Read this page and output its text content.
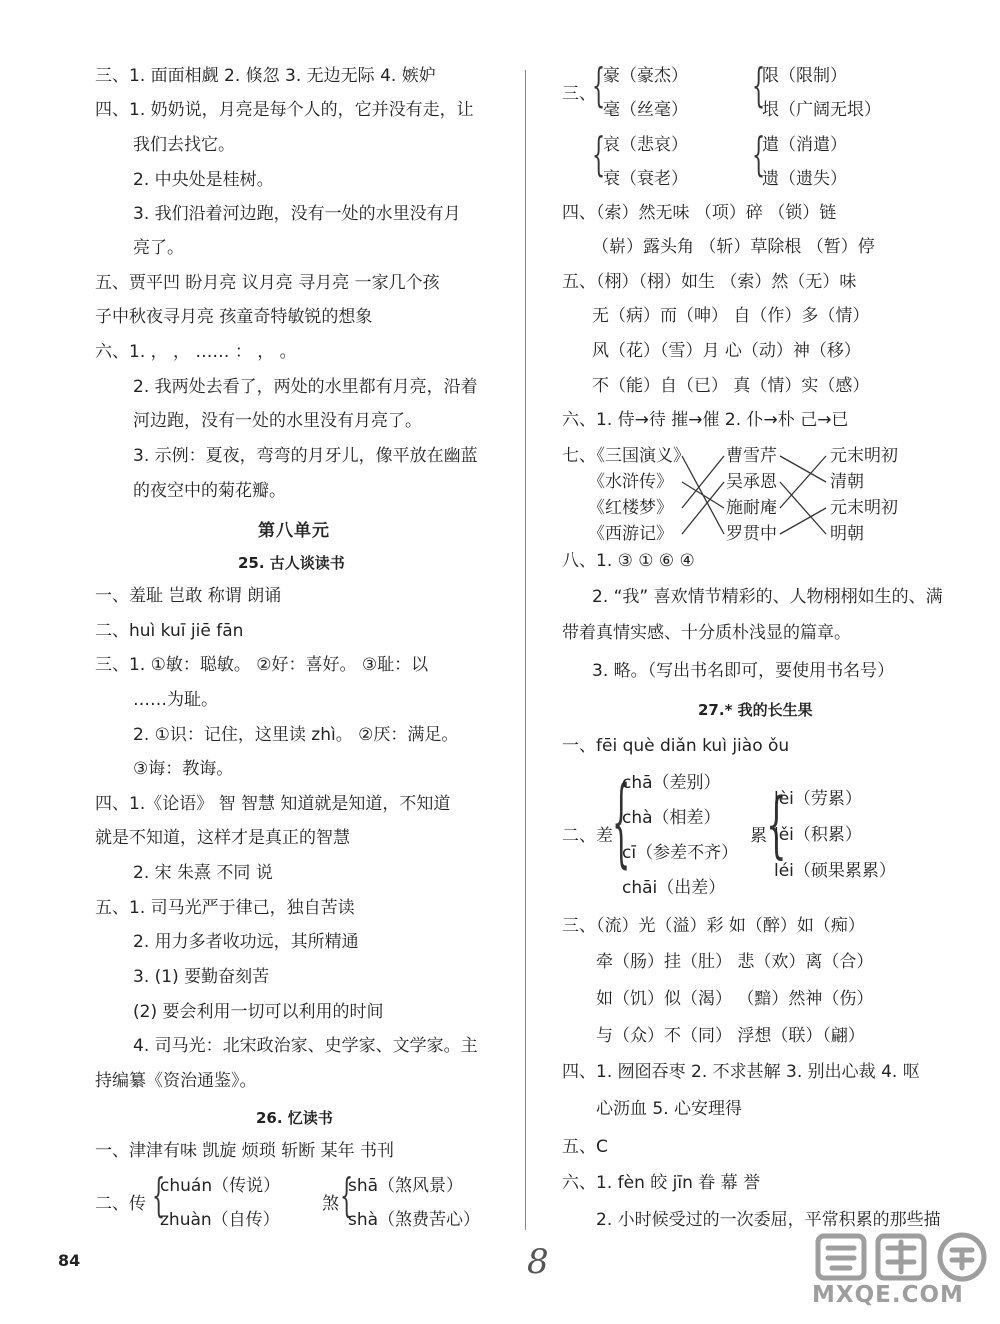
三、1. 面面相觑 2. 倏忽 3. 无边无际 4. 嫉妒
四、1. 奶奶说，月亮是每个人的，它并没有走，让
我们去找它。
2. 中央处是桂树。
3. 我们沿着河边跑，没有一处的水里没有月
亮了。
五、贾平凹 盼月亮 议月亮 寻月亮 一家几个孩
子中秋夜寻月亮 孩童奇特敏锐的想象
六、1. ， ， …… ： ， 。
2. 我两处去看了，两处的水里都有月亮，沿着
河边跑，没有一处的水里没有月亮了。
3. 示例：夏夜，弯弯的月牙儿，像平放在幽蓝
的夜空中的菊花瓣。
第八单元
25. 古人谈读书
一、羞耻 岂敢 称谓 朗诵
二、huì kuī jiē fān
三、1. ①敏：聪敏。 ②好：喜好。 ③耻：以
……为耻。
2. ①识：记住，这里读 zhì。 ②厌：满足。
③诲：教诲。
四、1.《论语》 智 智慧 知道就是知道，不知道
就是不知道，这样才是真正的智慧
2. 宋 朱熹 不同 说
五、1. 司马光严于律己，独自苦读
2. 用力多者收功远，其所精通
3. (1) 要勤奋刻苦
(2) 要会利用一切可以利用的时间
4. 司马光：北宋政治家、史学家、文学家。主
持编纂《资治通鉴》。
26. 忆读书
一、津津有味 凯旋 烦琐 斩断 某年 书刊
二、传 {
chuán（传说）
zhuàn（自传）
煞 {
shā（煞风景）
shà（煞费苦心）
三、
{
豪（豪杰）
毫（丝毫） {
限（限制）
垠（广阔无垠）
{
哀（悲哀）
衰（衰老） {
遣（消遣）
遗（遗失）
四、（索）然无味 （项）碎 （锁）链
（崭）露头角 （斩）草除根 （暂）停
五、（栩）（栩）如生 （索）然（无）味
无（病）而（呻） 自（作）多（情）
风（花）（雪）月 心（动）神（移）
不（能）自（已） 真（情）实（感）
六、1. 侍→待 摧→催 2. 仆→朴 己→已
七、
《三国演义》
《水浒传》
《红楼梦》
《西游记》
曹雪芹
吴承恩
施耐庵
罗贯中
元末明初
清朝
元末明初
明朝
八、1. ③ ① ⑥ ④
2. “我” 喜欢情节精彩的、人物栩栩如生的、满
带着真情实感、十分质朴浅显的篇章。
3. 略。（写出书名即可，要使用书名号）
27.* 我的长生果
一、fēi què diǎn kuì jiào ǒu
二、差 {
chā（差别）
chà（相差）
cī（参差不齐）
chāi（出差）
累 {
lèi（劳累）
lěi（积累）
léi（硕果累累）
三、（流）光（溢）彩 如（醉）如（痴）
牵（肠）挂（肚） 悲（欢）离（合）
如（饥）似（渴） （黯）然神（伤）
与（众）不（同） 浮想（联）（翩）
四、1. 囫囵吞枣 2. 不求甚解 3. 别出心裁 4. 呕
心沥血 5. 心安理得
五、C
六、1. fèn 皎 jīn 眷 幕 誉
2. 小时候受过的一次委屈，平常积累的那些描
84	8
MXQE.COM
